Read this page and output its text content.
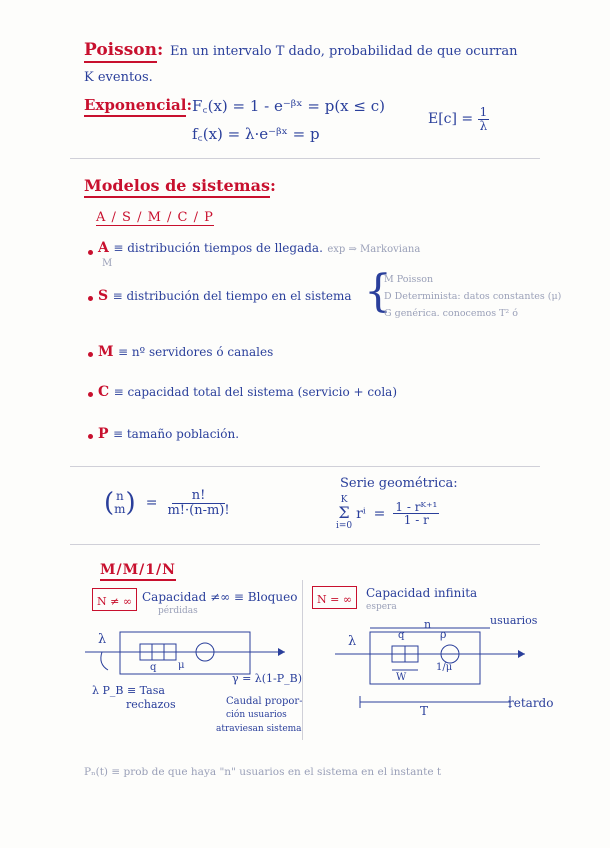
Poisson: En un intervalo T dado, probabilidad de que ocurran
K eventos.
Exponencial: F꜀(x) = 1 - e⁻ᵝˣ = p(x ≤ c)
f꜀(x) = λ·e⁻ᵝˣ = p
$E[c] = \frac{1}{\lambda}$
Modelos de sistemas:
A / S / M / C / P
A ≡ distribución tiempos de llegada. exp ⇒ Markoviana
M
S ≡ distribución del tiempo en el sistema {
M Poisson
D Determinista: datos constantes (μ)
G genérica. conocemos T² ó
M ≡ nº servidores ó canales
C ≡ capacidad total del sistema (servicio + cola)
P ≡ tamaño población.
( n
m ) = $\frac{n!}{m!\cdot(n-m)!}$
Serie geométrica:
K
Σ
i=0
$r^i = \frac{\text{1 - rᴷ⁺¹}}{1 - r}$
M/M/1/N
N ≠ ∞ Capacidad ≠∞ ≡ Bloqueo
pérdidas
λ
q μ
λ P_B ≡ Tasa
rechazos
γ = λ(1-P_B)
Caudal propor-
ción usuarios
atraviesan sistema
N = ∞	Capacidad infinita
espera
n	usuarios
λ	q	ρ
W
1/μ
T
retardo
Pₙ(t) ≡ prob de que haya "n" usuarios en el sistema en el instante t
